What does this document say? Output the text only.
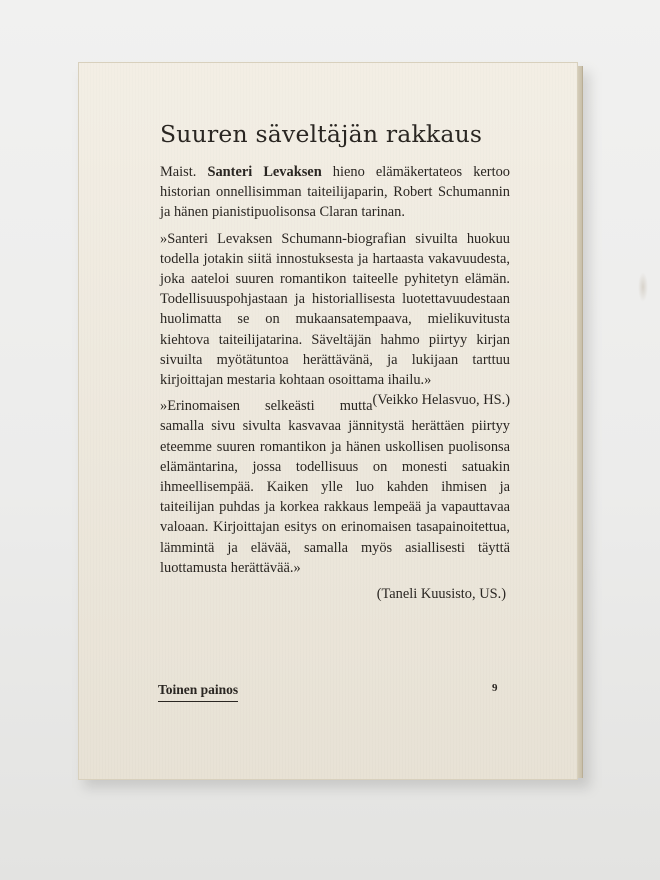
Suuren säveltäjän rakkaus

Maist. Santeri Levaksen hieno elämäkertateos kertoo historian onnellisimman taiteilijaparin, Robert Schumannin ja hänen pianistipuolisonsa Claran tarinan.

»Santeri Levaksen Schumann-biografian sivuilta huokuu todella jotakin siitä innostuksesta ja hartaasta vakavuudesta, joka aateloi suuren romantikon taiteelle pyhitetyn elämän. Todellisuuspohjastaan ja historiallisesta luotettavuudestaan huolimatta se on mukaansatempaava, mielikuvitusta kiehtova taiteilijatarina. Säveltäjän hahmo piirtyy kirjan sivuilta myötätuntoa herättävänä, ja lukijaan tarttuu kirjoittajan mestaria kohtaan osoittama ihailu.»
(Veikko Helasvuo, HS.)

»Erinomaisen selkeästi mutta samalla sivu sivulta kasvavaa jännitystä herättäen piirtyy eteemme suuren romantikon ja hänen uskollisen puolisonsa elämäntarina, jossa todellisuus on monesti satuakin ihmeellisempää. Kaiken ylle luo kahden ihmisen ja taiteilijan puhdas ja korkea rakkaus lempeää ja vapauttavaa valoaan. Kirjoittajan esitys on erinomaisen tasapainoitettua, lämmintä ja elävää, samalla myös asiallisesti täyttä luottamusta herättävää.»

(Taneli Kuusisto, US.)

Toinen painos	9
